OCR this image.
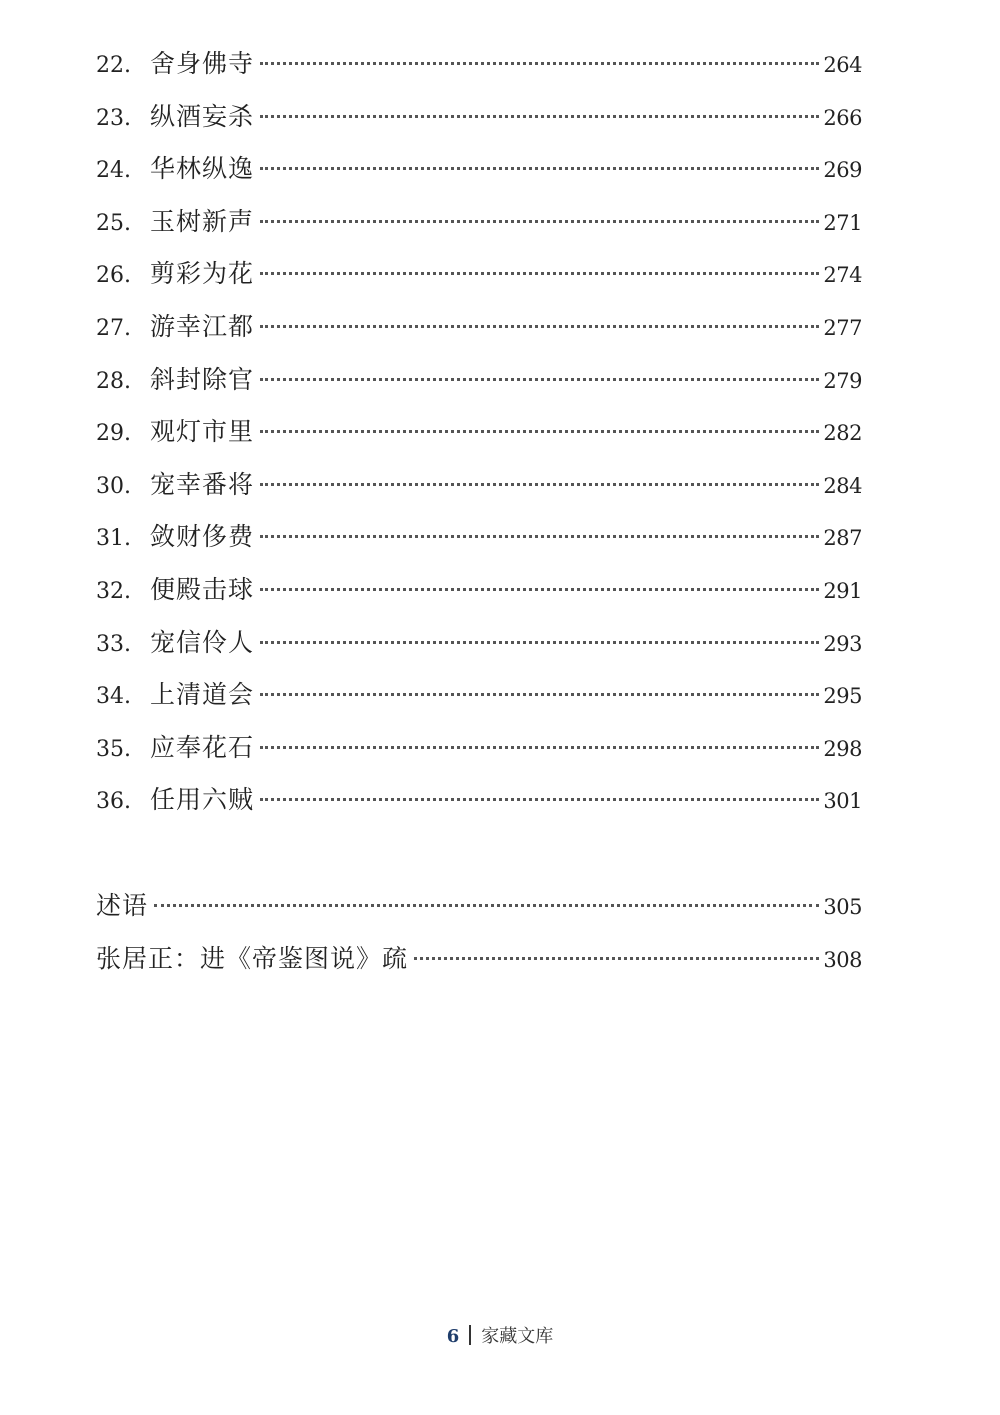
22. 舍身佛寺	264
23. 纵酒妄杀	266
24. 华林纵逸	269
25. 玉树新声	271
26. 剪彩为花	274
27. 游幸江都	277
28. 斜封除官	279
29. 观灯市里	282
30. 宠幸番将	284
31. 敛财侈费	287
32. 便殿击球	291
33. 宠信伶人	293
34. 上清道会	295
35. 应奉花石	298
36. 任用六贼	301
述语	305
张居正：进《帝鉴图说》疏	308
6 家藏文库
